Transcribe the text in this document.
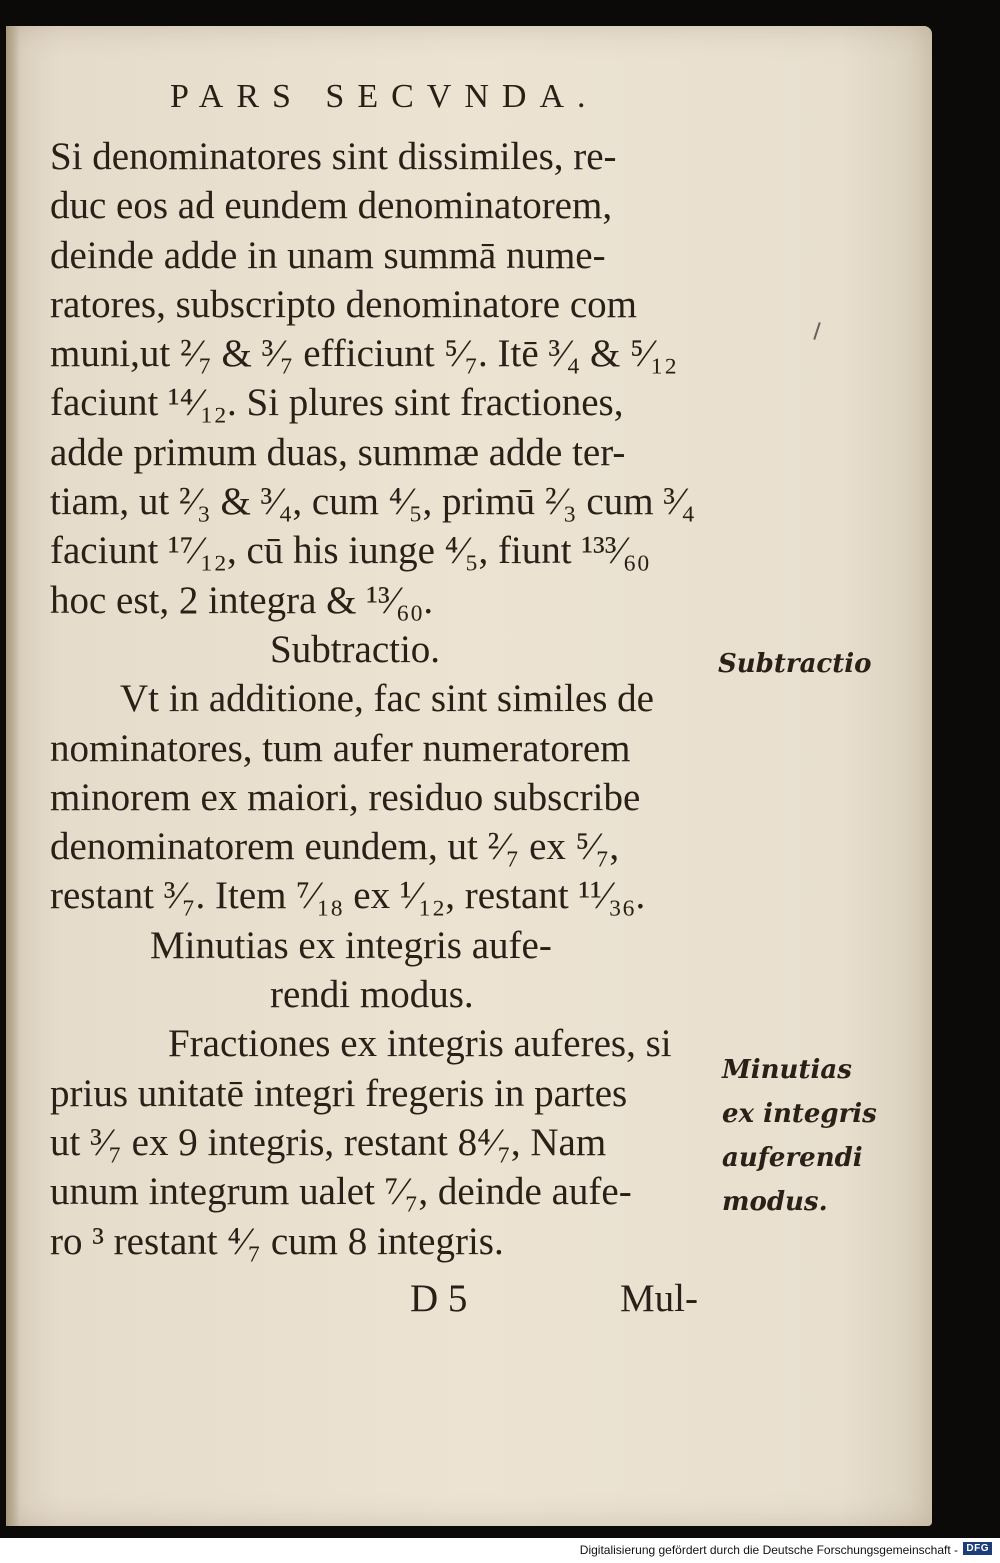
PARS SECVNDA.
Si denominatores sint dissimiles, re-
duc eos ad eundem denominatorem,
deinde adde in unam summā nume-
ratores, subscripto denominatore com
muni,ut ²⁄₇ & ³⁄₇ efficiunt ⁵⁄₇. Itē ³⁄₄ & ⁵⁄₁₂
faciunt ¹⁴⁄₁₂. Si plures sint fractiones,
adde primum duas, summæ adde ter-
tiam, ut ²⁄₃ & ³⁄₄, cum ⁴⁄₅, primū ²⁄₃ cum ³⁄₄
faciunt ¹⁷⁄₁₂, cū his iunge ⁴⁄₅, fiunt ¹³³⁄₆₀
hoc est, 2 integra & ¹³⁄₆₀.
Subtractio.
Vt in additione, fac sint similes de
nominatores, tum aufer numeratorem
minorem ex maiori, residuo subscribe
denominatorem eundem, ut ²⁄₇ ex ⁵⁄₇,
restant ³⁄₇. Item ⁷⁄₁₈ ex ¹⁄₁₂, restant ¹¹⁄₃₆.
Minutias ex integris aufe-
rendi modus.
Fractiones ex integris auferes, si
prius unitatē integri fregeris in partes
ut ³⁄₇ ex 9 integris, restant 8⁴⁄₇, Nam
unum integrum ualet ⁷⁄₇, deinde aufe-
ro ³ restant ⁴⁄₇ cum 8 integris.
D 5	Mul-
Subtractio
Minutias
ex integris
auferendi
modus.
Digitalisierung gefördert durch die Deutsche Forschungsgemeinschaft - DFG
